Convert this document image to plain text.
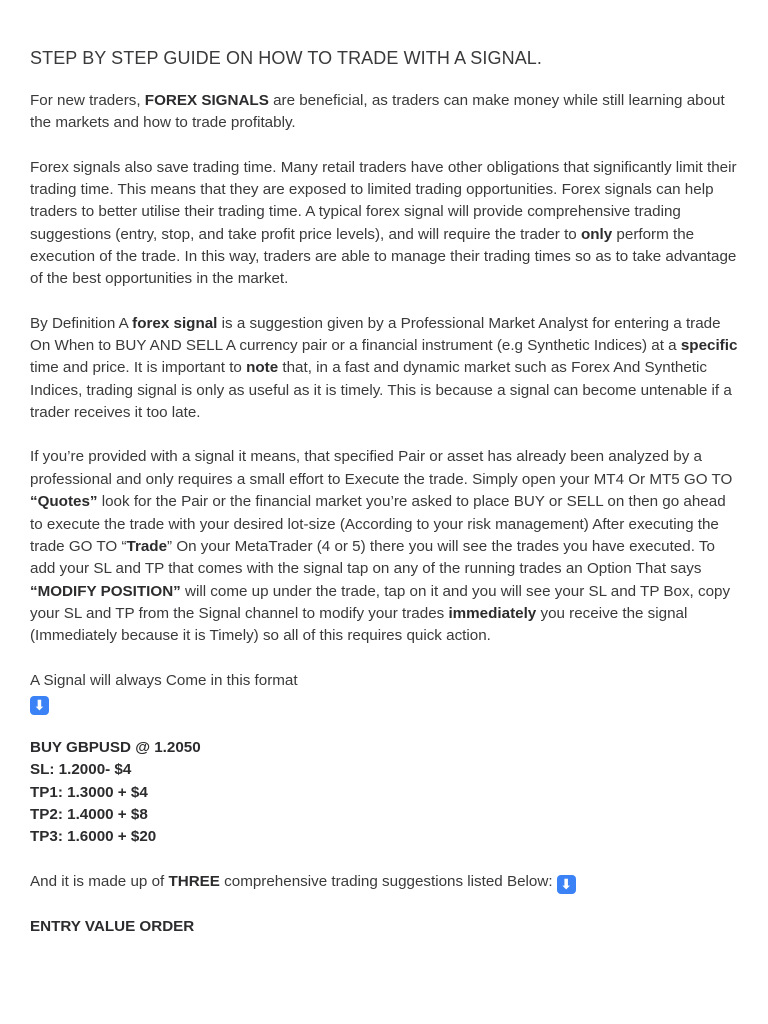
STEP BY STEP GUIDE ON HOW TO TRADE WITH A SIGNAL.

For new traders, FOREX SIGNALS are beneficial, as traders can make money while still learning about the markets and how to trade profitably.

Forex signals also save trading time. Many retail traders have other obligations that significantly limit their trading time. This means that they are exposed to limited trading opportunities. Forex signals can help traders to better utilise their trading time. A typical forex signal will provide comprehensive trading suggestions (entry, stop, and take profit price levels), and will require the trader to only perform the execution of the trade. In this way, traders are able to manage their trading times so as to take advantage of the best opportunities in the market.

By Definition A forex signal is a suggestion given by a Professional Market Analyst for entering a trade On When to BUY AND SELL A currency pair or a financial instrument (e.g Synthetic Indices) at a specific time and price. It is important to note that, in a fast and dynamic market such as Forex And Synthetic Indices, trading signal is only as useful as it is timely. This is because a signal can become untenable if a trader receives it too late.

If you’re provided with a signal it means, that specified Pair or asset has already been analyzed by a professional and only requires a small effort to Execute the trade. Simply open your MT4 Or MT5 GO TO “Quotes” look for the Pair or the financial market you’re asked to place BUY or SELL on then go ahead to execute the trade with your desired lot-size (According to your risk management) After executing the trade GO TO “Trade” On your MetaTrader (4 or 5) there you will see the trades you have executed. To add your SL and TP that comes with the signal tap on any of the running trades an Option That says “MODIFY POSITION” will come up under the trade, tap on it and you will see your SL and TP Box, copy your SL and TP from the Signal channel to modify your trades immediately you receive the signal (Immediately because it is Timely) so all of this requires quick action.

A Signal will always Come in this format
⬇

BUY GBPUSD @ 1.2050
SL: 1.2000- $4
TP1: 1.3000 + $4
TP2: 1.4000 + $8
TP3: 1.6000 + $20

And it is made up of THREE comprehensive trading suggestions listed Below: ⬇

ENTRY VALUE ORDER
